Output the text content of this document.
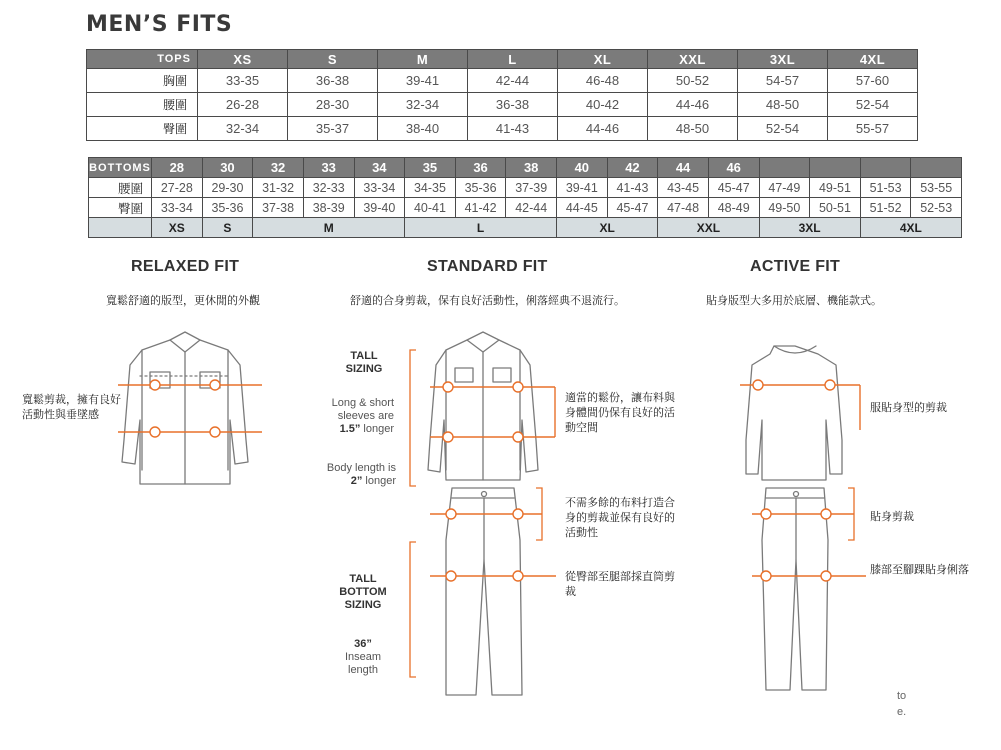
MEN’S FITS
TOPS	XS	S	M	L	XL	XXL	3XL	4XL
胸圍	33-35	36-38	39-41	42-44	46-48	50-52	54-57	57-60
腰圍	26-28	28-30	32-34	36-38	40-42	44-46	48-50	52-54
臀圍	32-34	35-37	38-40	41-43	44-46	48-50	52-54	55-57
BOTTOMS	28	30	32	33	34	35	36	38	40	42	44	46				
腰圍	27-28	29-30	31-32	32-33	33-34	34-35	35-36	37-39	39-41	41-43	43-45	45-47	47-49	49-51	51-53	53-55
臀圍	33-34	35-36	37-38	38-39	39-40	40-41	41-42	42-44	44-45	45-47	47-48	48-49	49-50	50-51	51-52	52-53
	XS	S	M			L			XL		XXL		3XL		4XL	
RELAXED FIT	STANDARD FIT	ACTIVE FIT
寬鬆舒適的版型，更休閒的外觀	舒適的合身剪裁，保有良好活動性，俐落經典不退流行。	貼身版型大多用於底層、機能款式。
寬鬆剪裁，擁有良好活動性與垂墜感
適當的鬆份，讓布料與身體間仍保有良好的活動空間
不需多餘的布料打造合身的剪裁並保有良好的活動性
從臀部至腿部採直筒剪裁
服貼身型的剪裁
貼身剪裁
膝部至腳踝貼身俐落
TALL SIZING
Long & short sleeves are
1.5” longer
Body length is 2” longer
TALL BOTTOM SIZING
36”
Inseam length
to
e.
